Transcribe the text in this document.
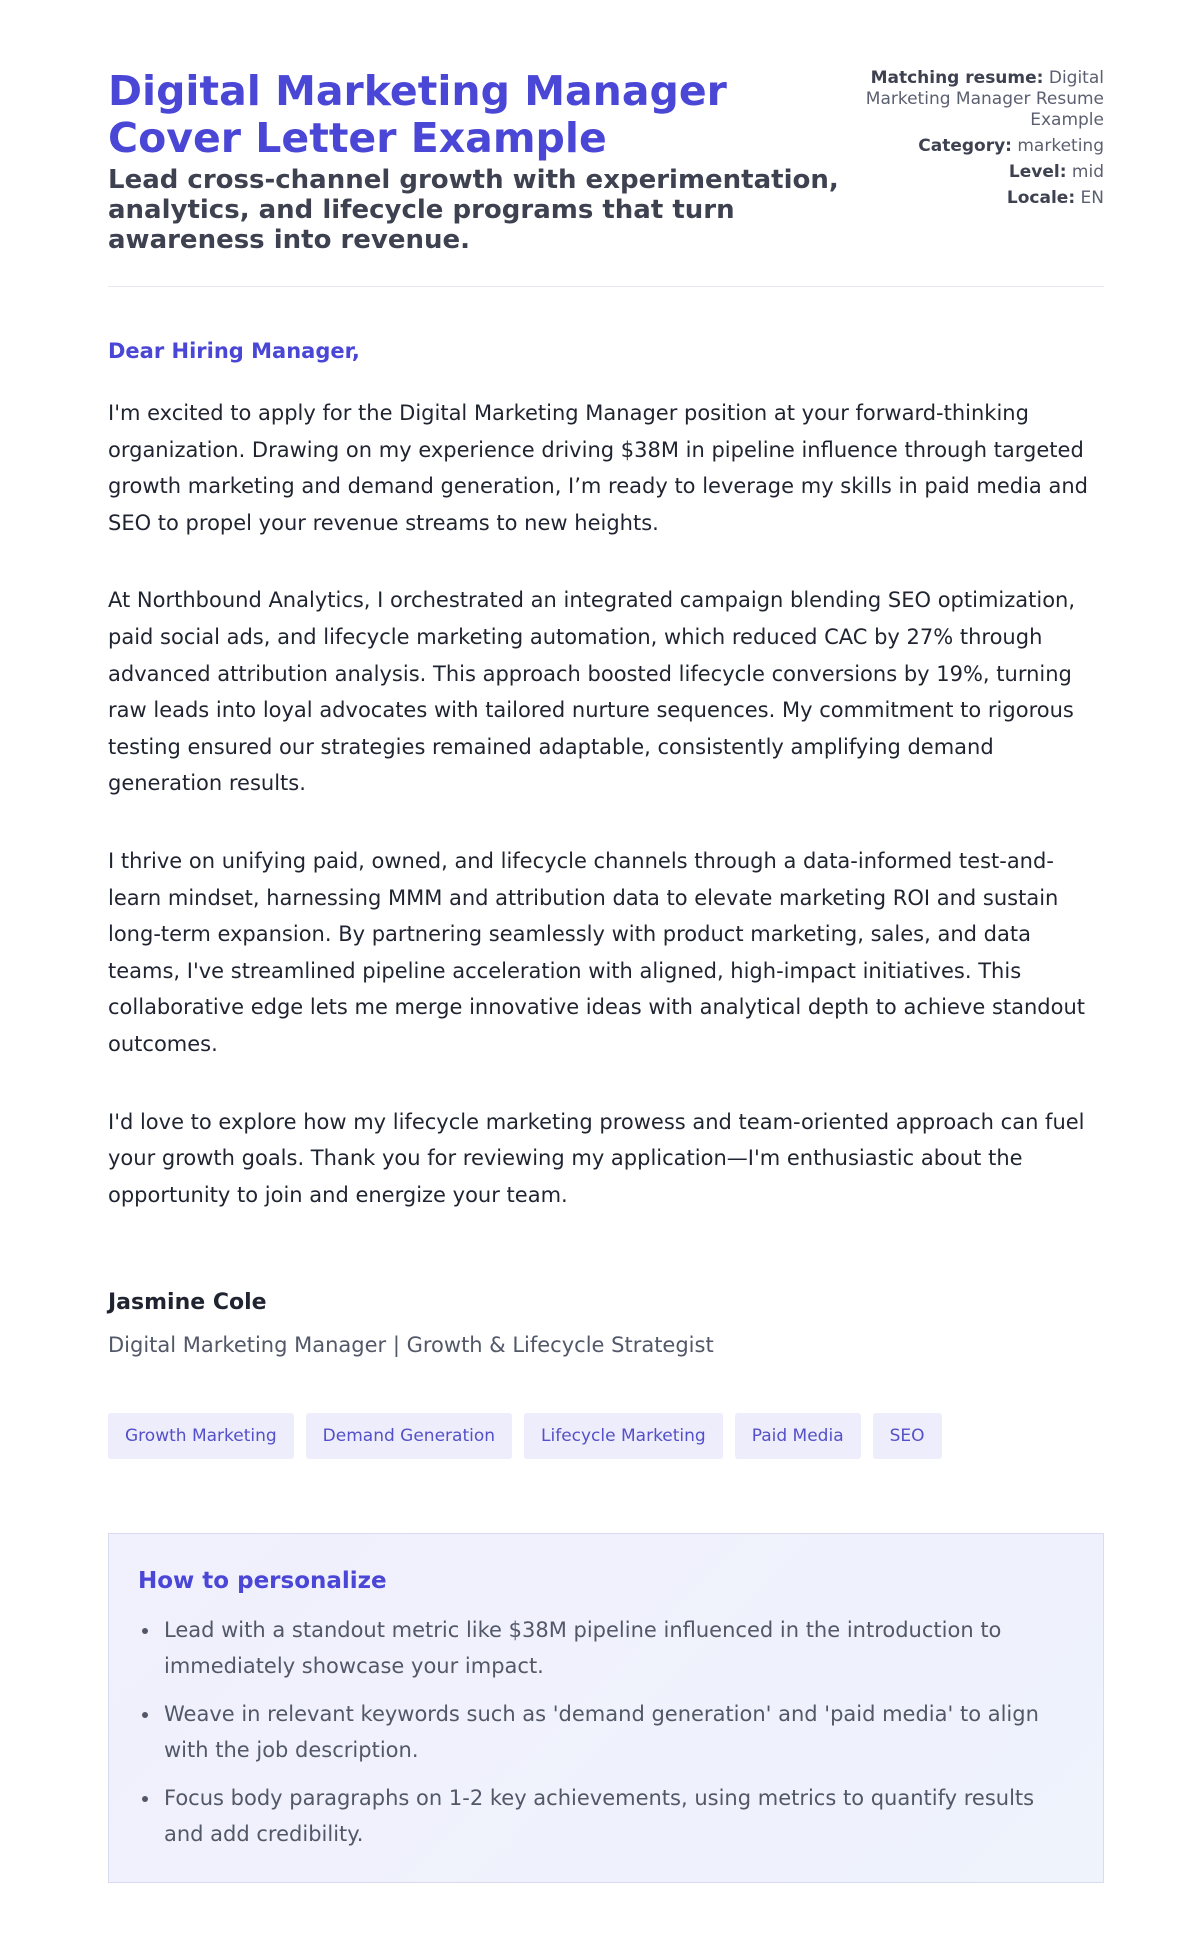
Digital Marketing Manager Cover Letter Example
Lead cross-channel growth with experimentation, analytics, and lifecycle programs that turn awareness into revenue.
Matching resume: Digital Marketing Manager Resume Example
Category: marketing
Level: mid
Locale: EN
Dear Hiring Manager,

I'm excited to apply for the Digital Marketing Manager position at your forward-thinking organization. Drawing on my experience driving $38M in pipeline influence through targeted growth marketing and demand generation, I’m ready to leverage my skills in paid media and SEO to propel your revenue streams to new heights.

At Northbound Analytics, I orchestrated an integrated campaign blending SEO optimization, paid social ads, and lifecycle marketing automation, which reduced CAC by 27% through advanced attribution analysis. This approach boosted lifecycle conversions by 19%, turning raw leads into loyal advocates with tailored nurture sequences. My commitment to rigorous testing ensured our strategies remained adaptable, consistently amplifying demand generation results.

I thrive on unifying paid, owned, and lifecycle channels through a data-informed test-and-learn mindset, harnessing MMM and attribution data to elevate marketing ROI and sustain long-term expansion. By partnering seamlessly with product marketing, sales, and data teams, I've streamlined pipeline acceleration with aligned, high-impact initiatives. This collaborative edge lets me merge innovative ideas with analytical depth to achieve standout outcomes.

I'd love to explore how my lifecycle marketing prowess and team-oriented approach can fuel your growth goals. Thank you for reviewing my application—I'm enthusiastic about the opportunity to join and energize your team.

Jasmine Cole
Digital Marketing Manager | Growth & Lifecycle Strategist
Growth Marketing	Demand Generation	Lifecycle Marketing	Paid Media	SEO
How to personalize
Lead with a standout metric like $38M pipeline influenced in the introduction to immediately showcase your impact.
Weave in relevant keywords such as 'demand generation' and 'paid media' to align with the job description.
Focus body paragraphs on 1-2 key achievements, using metrics to quantify results and add credibility.
